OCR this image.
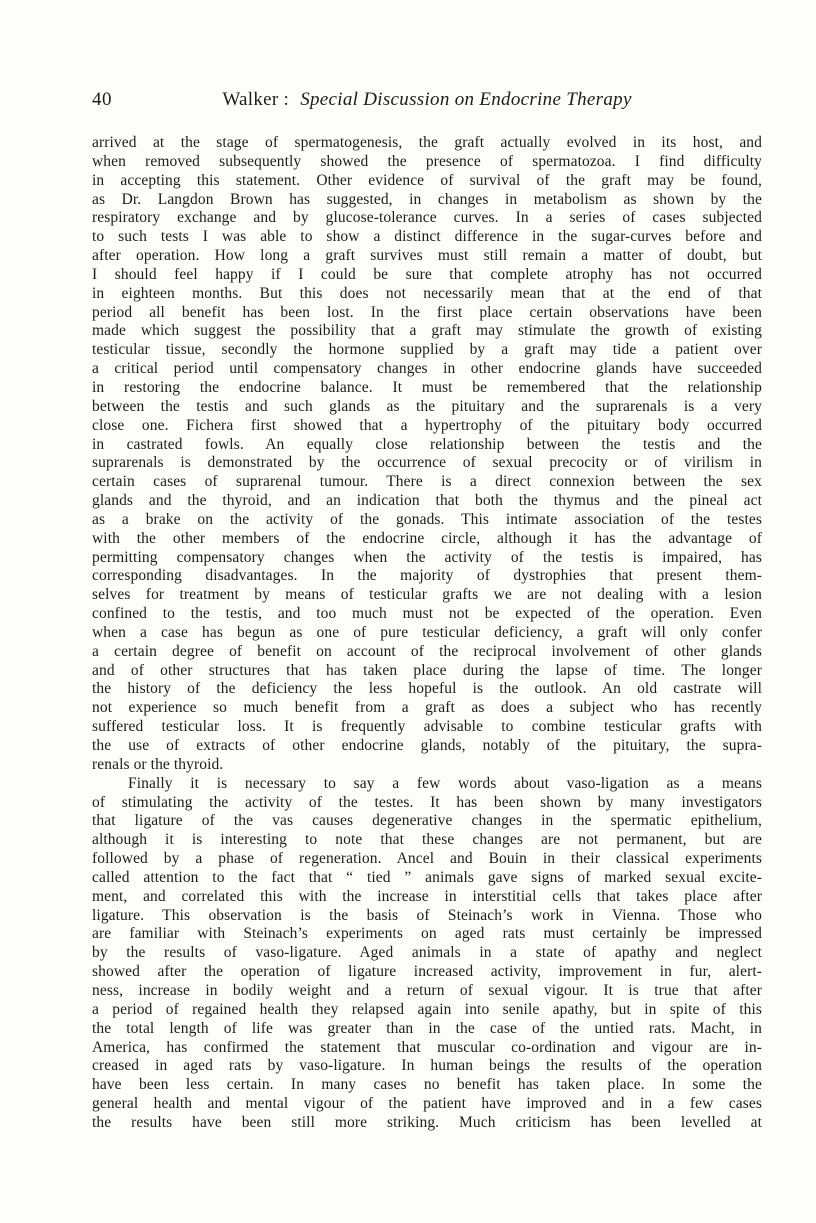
40	Walker : Special Discussion on Endocrine Therapy
arrived at the stage of spermatogenesis, the graft actually evolved in its host, and
when removed subsequently showed the presence of spermatozoa. I find difficulty
in accepting this statement. Other evidence of survival of the graft may be found,
as Dr. Langdon Brown has suggested, in changes in metabolism as shown by the
respiratory exchange and by glucose-tolerance curves. In a series of cases subjected
to such tests I was able to show a distinct difference in the sugar-curves before and
after operation. How long a graft survives must still remain a matter of doubt, but
I should feel happy if I could be sure that complete atrophy has not occurred
in eighteen months. But this does not necessarily mean that at the end of that
period all benefit has been lost. In the first place certain observations have been
made which suggest the possibility that a graft may stimulate the growth of existing
testicular tissue, secondly the hormone supplied by a graft may tide a patient over
a critical period until compensatory changes in other endocrine glands have succeeded
in restoring the endocrine balance. It must be remembered that the relationship
between the testis and such glands as the pituitary and the suprarenals is a very
close one. Fichera first showed that a hypertrophy of the pituitary body occurred
in castrated fowls. An equally close relationship between the testis and the
suprarenals is demonstrated by the occurrence of sexual precocity or of virilism in
certain cases of suprarenal tumour. There is a direct connexion between the sex
glands and the thyroid, and an indication that both the thymus and the pineal act
as a brake on the activity of the gonads. This intimate association of the testes
with the other members of the endocrine circle, although it has the advantage of
permitting compensatory changes when the activity of the testis is impaired, has
corresponding disadvantages. In the majority of dystrophies that present them-
selves for treatment by means of testicular grafts we are not dealing with a lesion
confined to the testis, and too much must not be expected of the operation. Even
when a case has begun as one of pure testicular deficiency, a graft will only confer
a certain degree of benefit on account of the reciprocal involvement of other glands
and of other structures that has taken place during the lapse of time. The longer
the history of the deficiency the less hopeful is the outlook. An old castrate will
not experience so much benefit from a graft as does a subject who has recently
suffered testicular loss. It is frequently advisable to combine testicular grafts with
the use of extracts of other endocrine glands, notably of the pituitary, the supra-
renals or the thyroid.
Finally it is necessary to say a few words about vaso-ligation as a means
of stimulating the activity of the testes. It has been shown by many investigators
that ligature of the vas causes degenerative changes in the spermatic epithelium,
although it is interesting to note that these changes are not permanent, but are
followed by a phase of regeneration. Ancel and Bouin in their classical experiments
called attention to the fact that “ tied ” animals gave signs of marked sexual excite-
ment, and correlated this with the increase in interstitial cells that takes place after
ligature. This observation is the basis of Steinach’s work in Vienna. Those who
are familiar with Steinach’s experiments on aged rats must certainly be impressed
by the results of vaso-ligature. Aged animals in a state of apathy and neglect
showed after the operation of ligature increased activity, improvement in fur, alert-
ness, increase in bodily weight and a return of sexual vigour. It is true that after
a period of regained health they relapsed again into senile apathy, but in spite of this
the total length of life was greater than in the case of the untied rats. Macht, in
America, has confirmed the statement that muscular co-ordination and vigour are in-
creased in aged rats by vaso-ligature. In human beings the results of the operation
have been less certain. In many cases no benefit has taken place. In some the
general health and mental vigour of the patient have improved and in a few cases
the results have been still more striking. Much criticism has been levelled at
